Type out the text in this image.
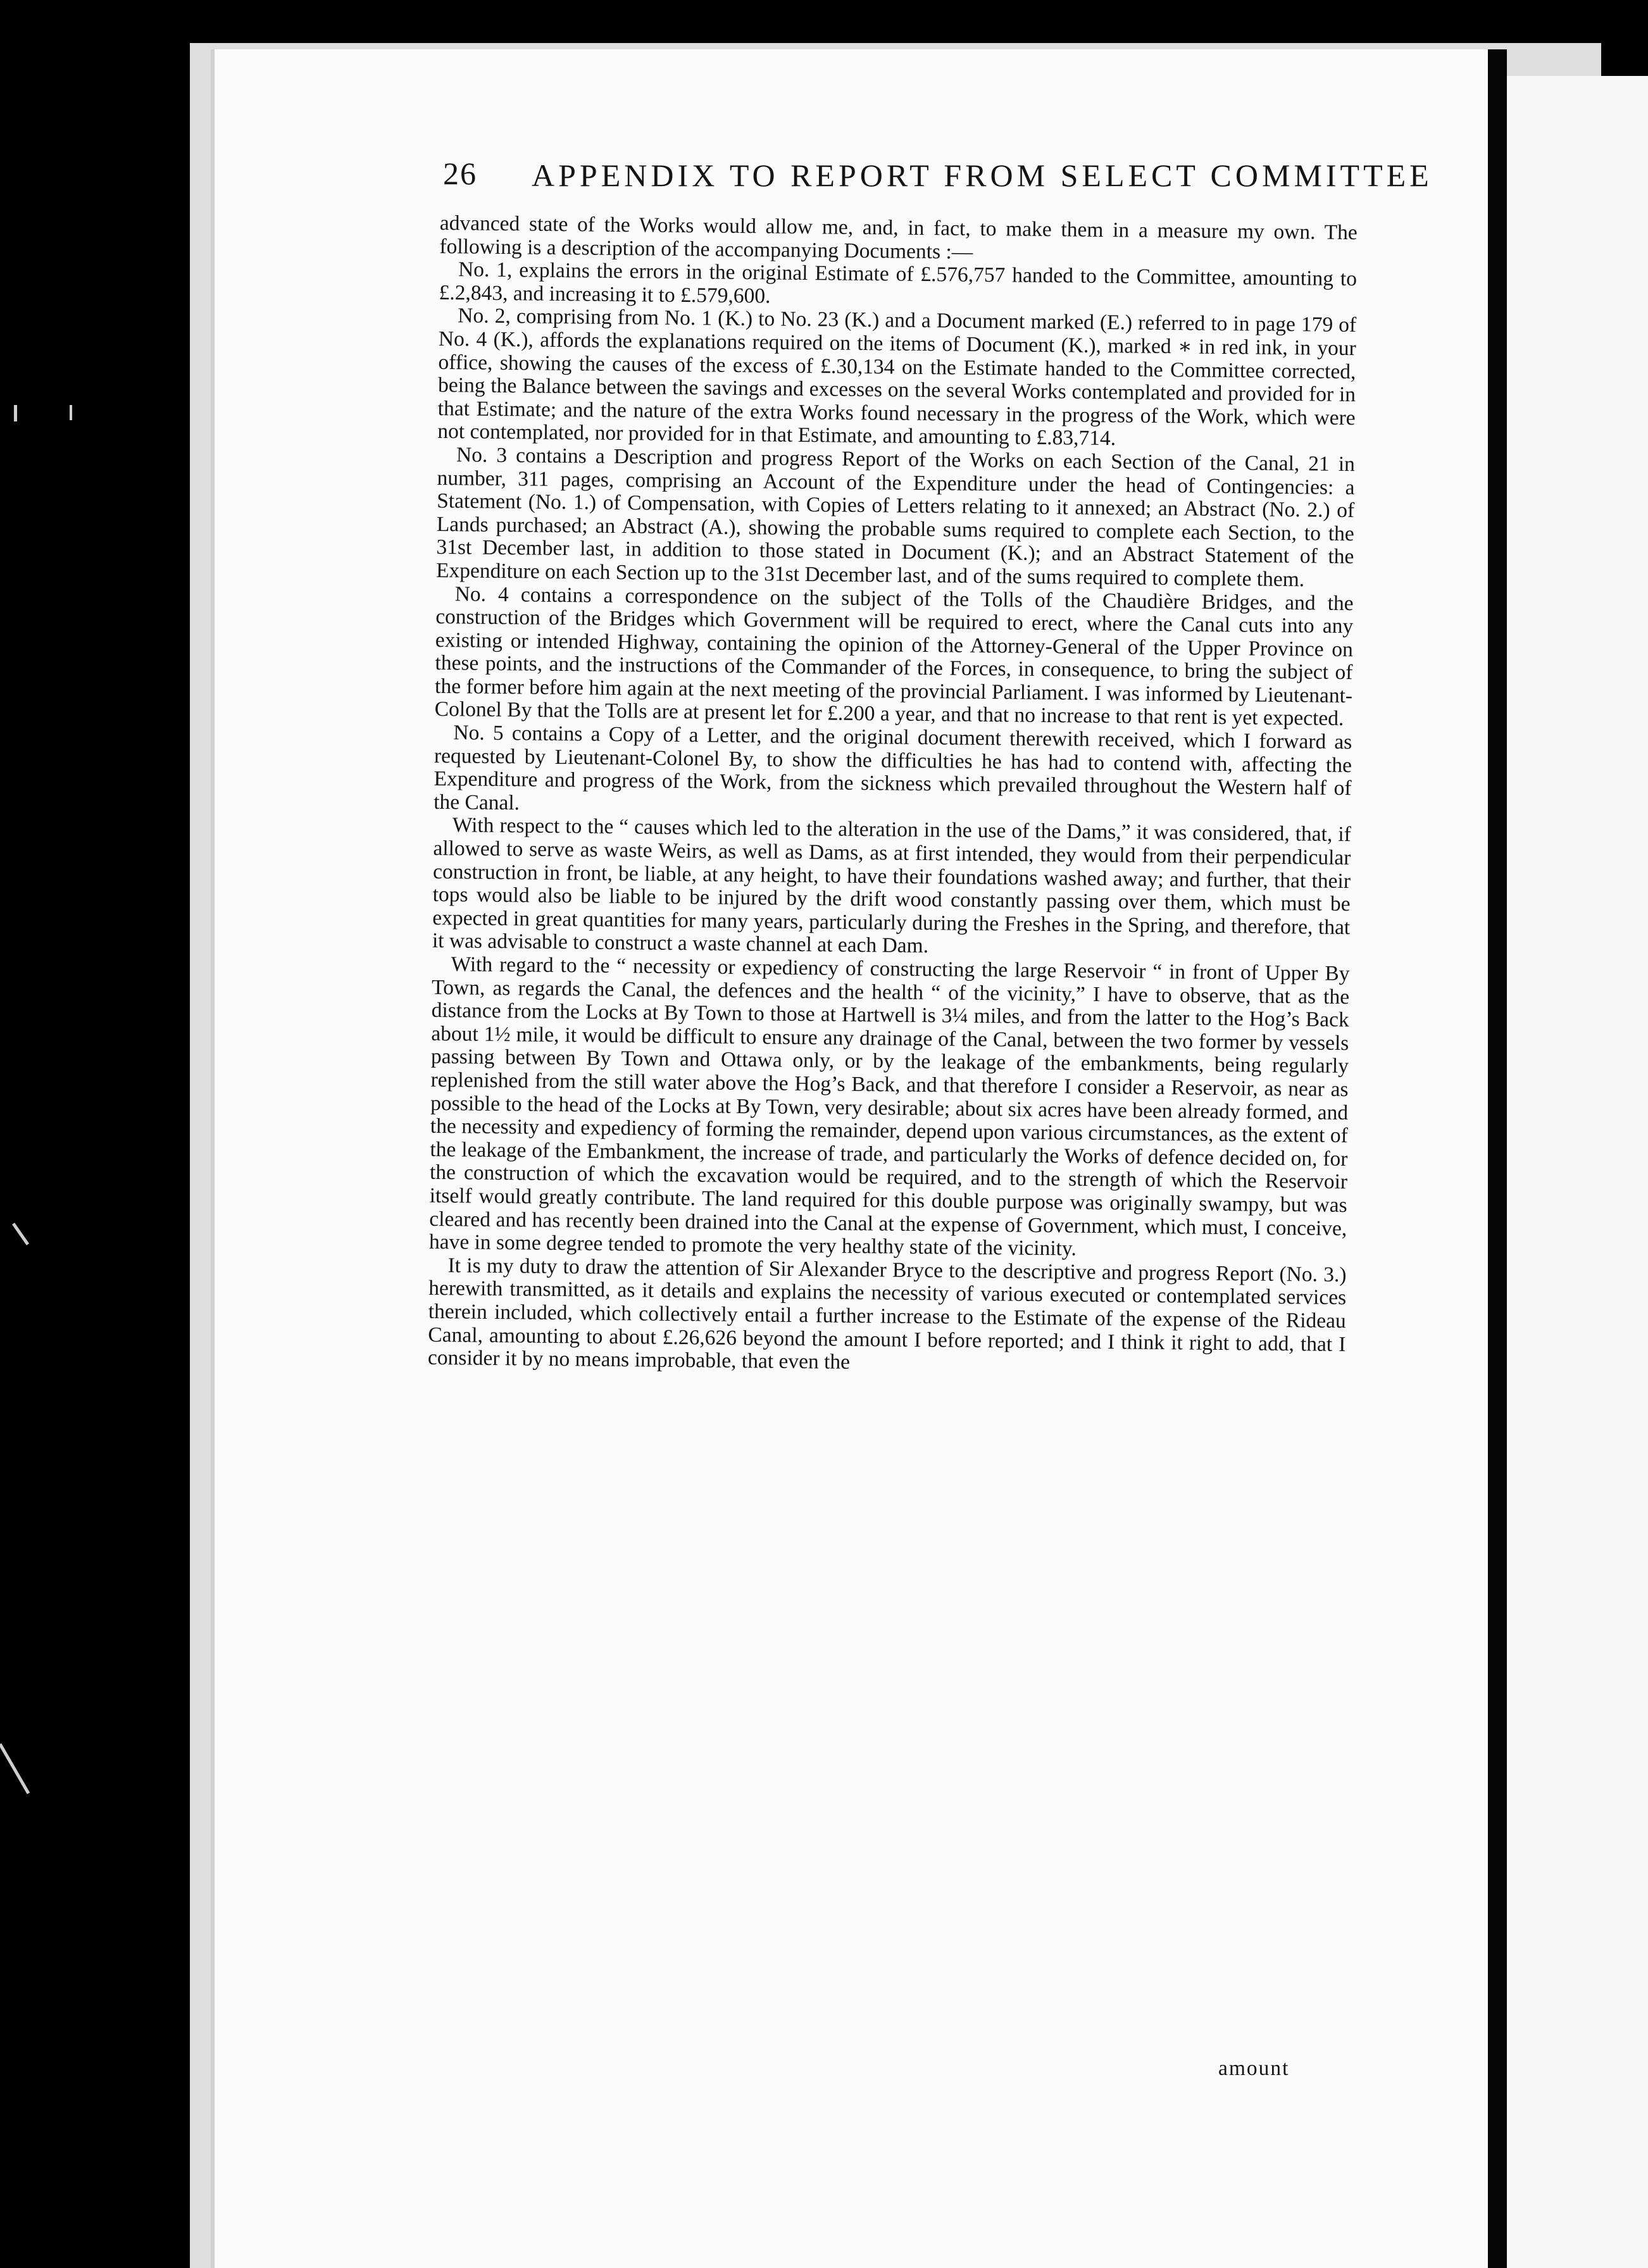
26 APPENDIX TO REPORT FROM SELECT COMMITTEE

advanced state of the Works would allow me, and, in fact, to make them in a measure my own. The following is a description of the accompanying Documents :—

No. 1, explains the errors in the original Estimate of £.576,757 handed to the Committee, amounting to £.2,843, and increasing it to £.579,600.

No. 2, comprising from No. 1 (K.) to No. 23 (K.) and a Document marked (E.) referred to in page 179 of No. 4 (K.), affords the explanations required on the items of Document (K.), marked ∗ in red ink, in your office, showing the causes of the excess of £.30,134 on the Estimate handed to the Committee corrected, being the Balance between the savings and excesses on the several Works contemplated and provided for in that Estimate; and the nature of the extra Works found necessary in the progress of the Work, which were not contemplated, nor provided for in that Estimate, and amounting to £.83,714.

No. 3 contains a Description and progress Report of the Works on each Section of the Canal, 21 in number, 311 pages, comprising an Account of the Expenditure under the head of Contingencies: a Statement (No. 1.) of Compensation, with Copies of Letters relating to it annexed; an Abstract (No. 2.) of Lands purchased; an Abstract (A.), showing the probable sums required to complete each Section, to the 31st December last, in addition to those stated in Document (K.); and an Abstract Statement of the Expenditure on each Section up to the 31st December last, and of the sums required to complete them.

No. 4 contains a correspondence on the subject of the Tolls of the Chaudière Bridges, and the construction of the Bridges which Government will be required to erect, where the Canal cuts into any existing or intended Highway, containing the opinion of the Attorney-General of the Upper Province on these points, and the instructions of the Commander of the Forces, in consequence, to bring the subject of the former before him again at the next meeting of the provincial Parliament. I was informed by Lieutenant-Colonel By that the Tolls are at present let for £.200 a year, and that no increase to that rent is yet expected.

No. 5 contains a Copy of a Letter, and the original document therewith received, which I forward as requested by Lieutenant-Colonel By, to show the difficulties he has had to contend with, affecting the Expenditure and progress of the Work, from the sickness which prevailed throughout the Western half of the Canal.

With respect to the “ causes which led to the alteration in the use of the Dams,” it was considered, that, if allowed to serve as waste Weirs, as well as Dams, as at first intended, they would from their perpendicular construction in front, be liable, at any height, to have their foundations washed away; and further, that their tops would also be liable to be injured by the drift wood constantly passing over them, which must be expected in great quantities for many years, particularly during the Freshes in the Spring, and therefore, that it was advisable to construct a waste channel at each Dam.

With regard to the “ necessity or expediency of constructing the large Reservoir “ in front of Upper By Town, as regards the Canal, the defences and the health “ of the vicinity,” I have to observe, that as the distance from the Locks at By Town to those at Hartwell is 3¼ miles, and from the latter to the Hog’s Back about 1½ mile, it would be difficult to ensure any drainage of the Canal, between the two former by vessels passing between By Town and Ottawa only, or by the leakage of the embankments, being regularly replenished from the still water above the Hog’s Back, and that therefore I consider a Reservoir, as near as possible to the head of the Locks at By Town, very desirable; about six acres have been already formed, and the necessity and expediency of forming the remainder, depend upon various circumstances, as the extent of the leakage of the Embankment, the increase of trade, and particularly the Works of defence decided on, for the construction of which the excavation would be required, and to the strength of which the Reservoir itself would greatly contribute. The land required for this double purpose was originally swampy, but was cleared and has recently been drained into the Canal at the expense of Government, which must, I conceive, have in some degree tended to promote the very healthy state of the vicinity.

It is my duty to draw the attention of Sir Alexander Bryce to the descriptive and progress Report (No. 3.) herewith transmitted, as it details and explains the necessity of various executed or contemplated services therein included, which collectively entail a further increase to the Estimate of the expense of the Rideau Canal, amounting to about £.26,626 beyond the amount I before reported; and I think it right to add, that I consider it by no means improbable, that even the

amount
